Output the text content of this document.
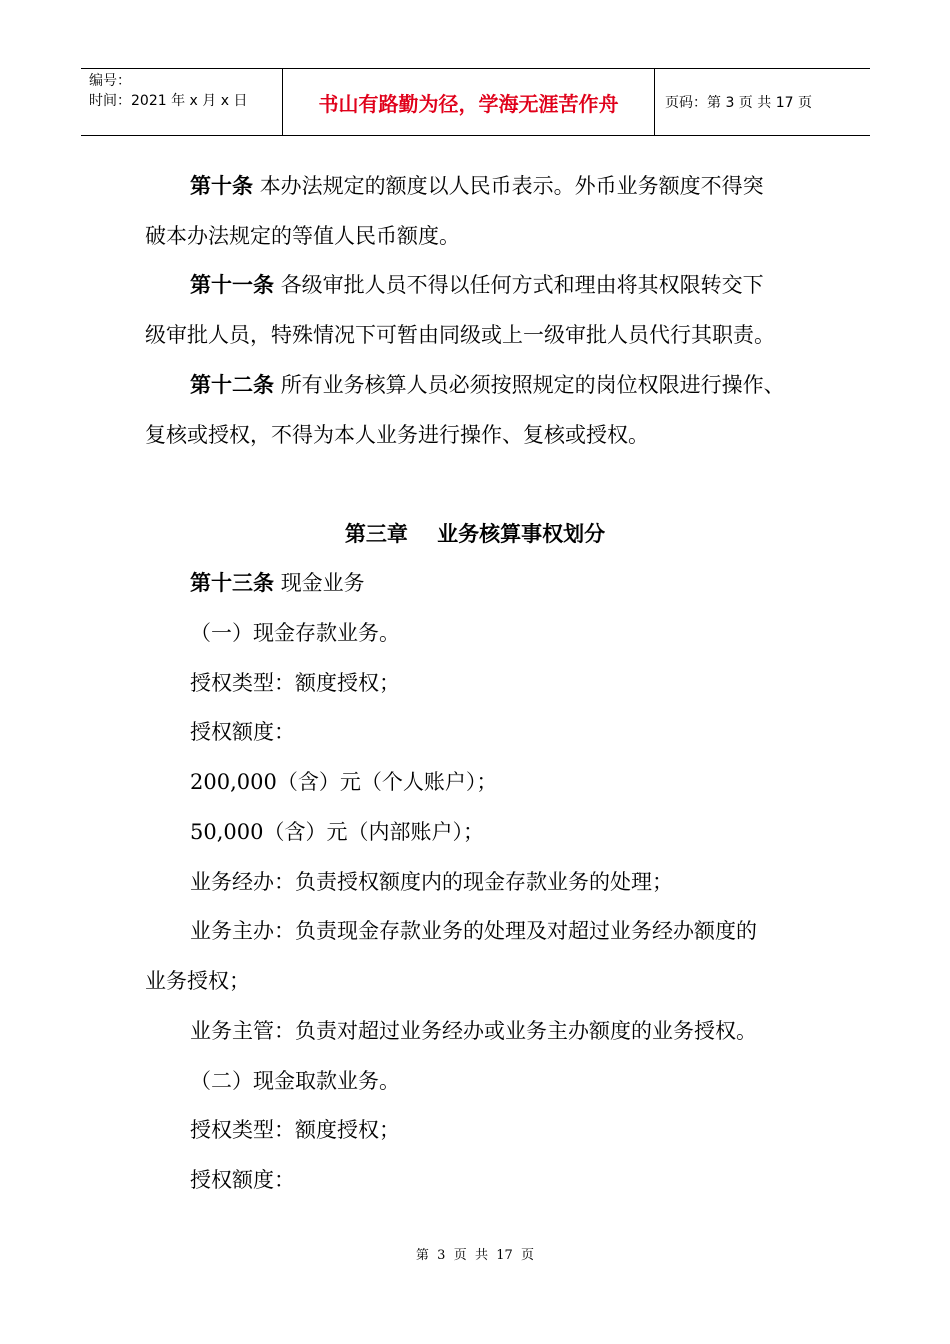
编号：
时间：2021 年 x 月 x 日	书山有路勤为径，学海无涯苦作舟	页码：第 3 页 共 17 页
第十条 本办法规定的额度以人民币表示。外币业务额度不得突
破本办法规定的等值人民币额度。
第十一条 各级审批人员不得以任何方式和理由将其权限转交下
级审批人员，特殊情况下可暂由同级或上一级审批人员代行其职责。
第十二条 所有业务核算人员必须按照规定的岗位权限进行操作、
复核或授权，不得为本人业务进行操作、复核或授权。
第三章    业务核算事权划分
第十三条 现金业务
（一）现金存款业务。
授权类型：额度授权；
授权额度：
200,000（含）元（个人账户）；
50,000（含）元（内部账户）；
业务经办：负责授权额度内的现金存款业务的处理；
业务主办：负责现金存款业务的处理及对超过业务经办额度的
业务授权；
业务主管：负责对超过业务经办或业务主办额度的业务授权。
（二）现金取款业务。
授权类型：额度授权；
授权额度：
第  3  页  共  17  页
